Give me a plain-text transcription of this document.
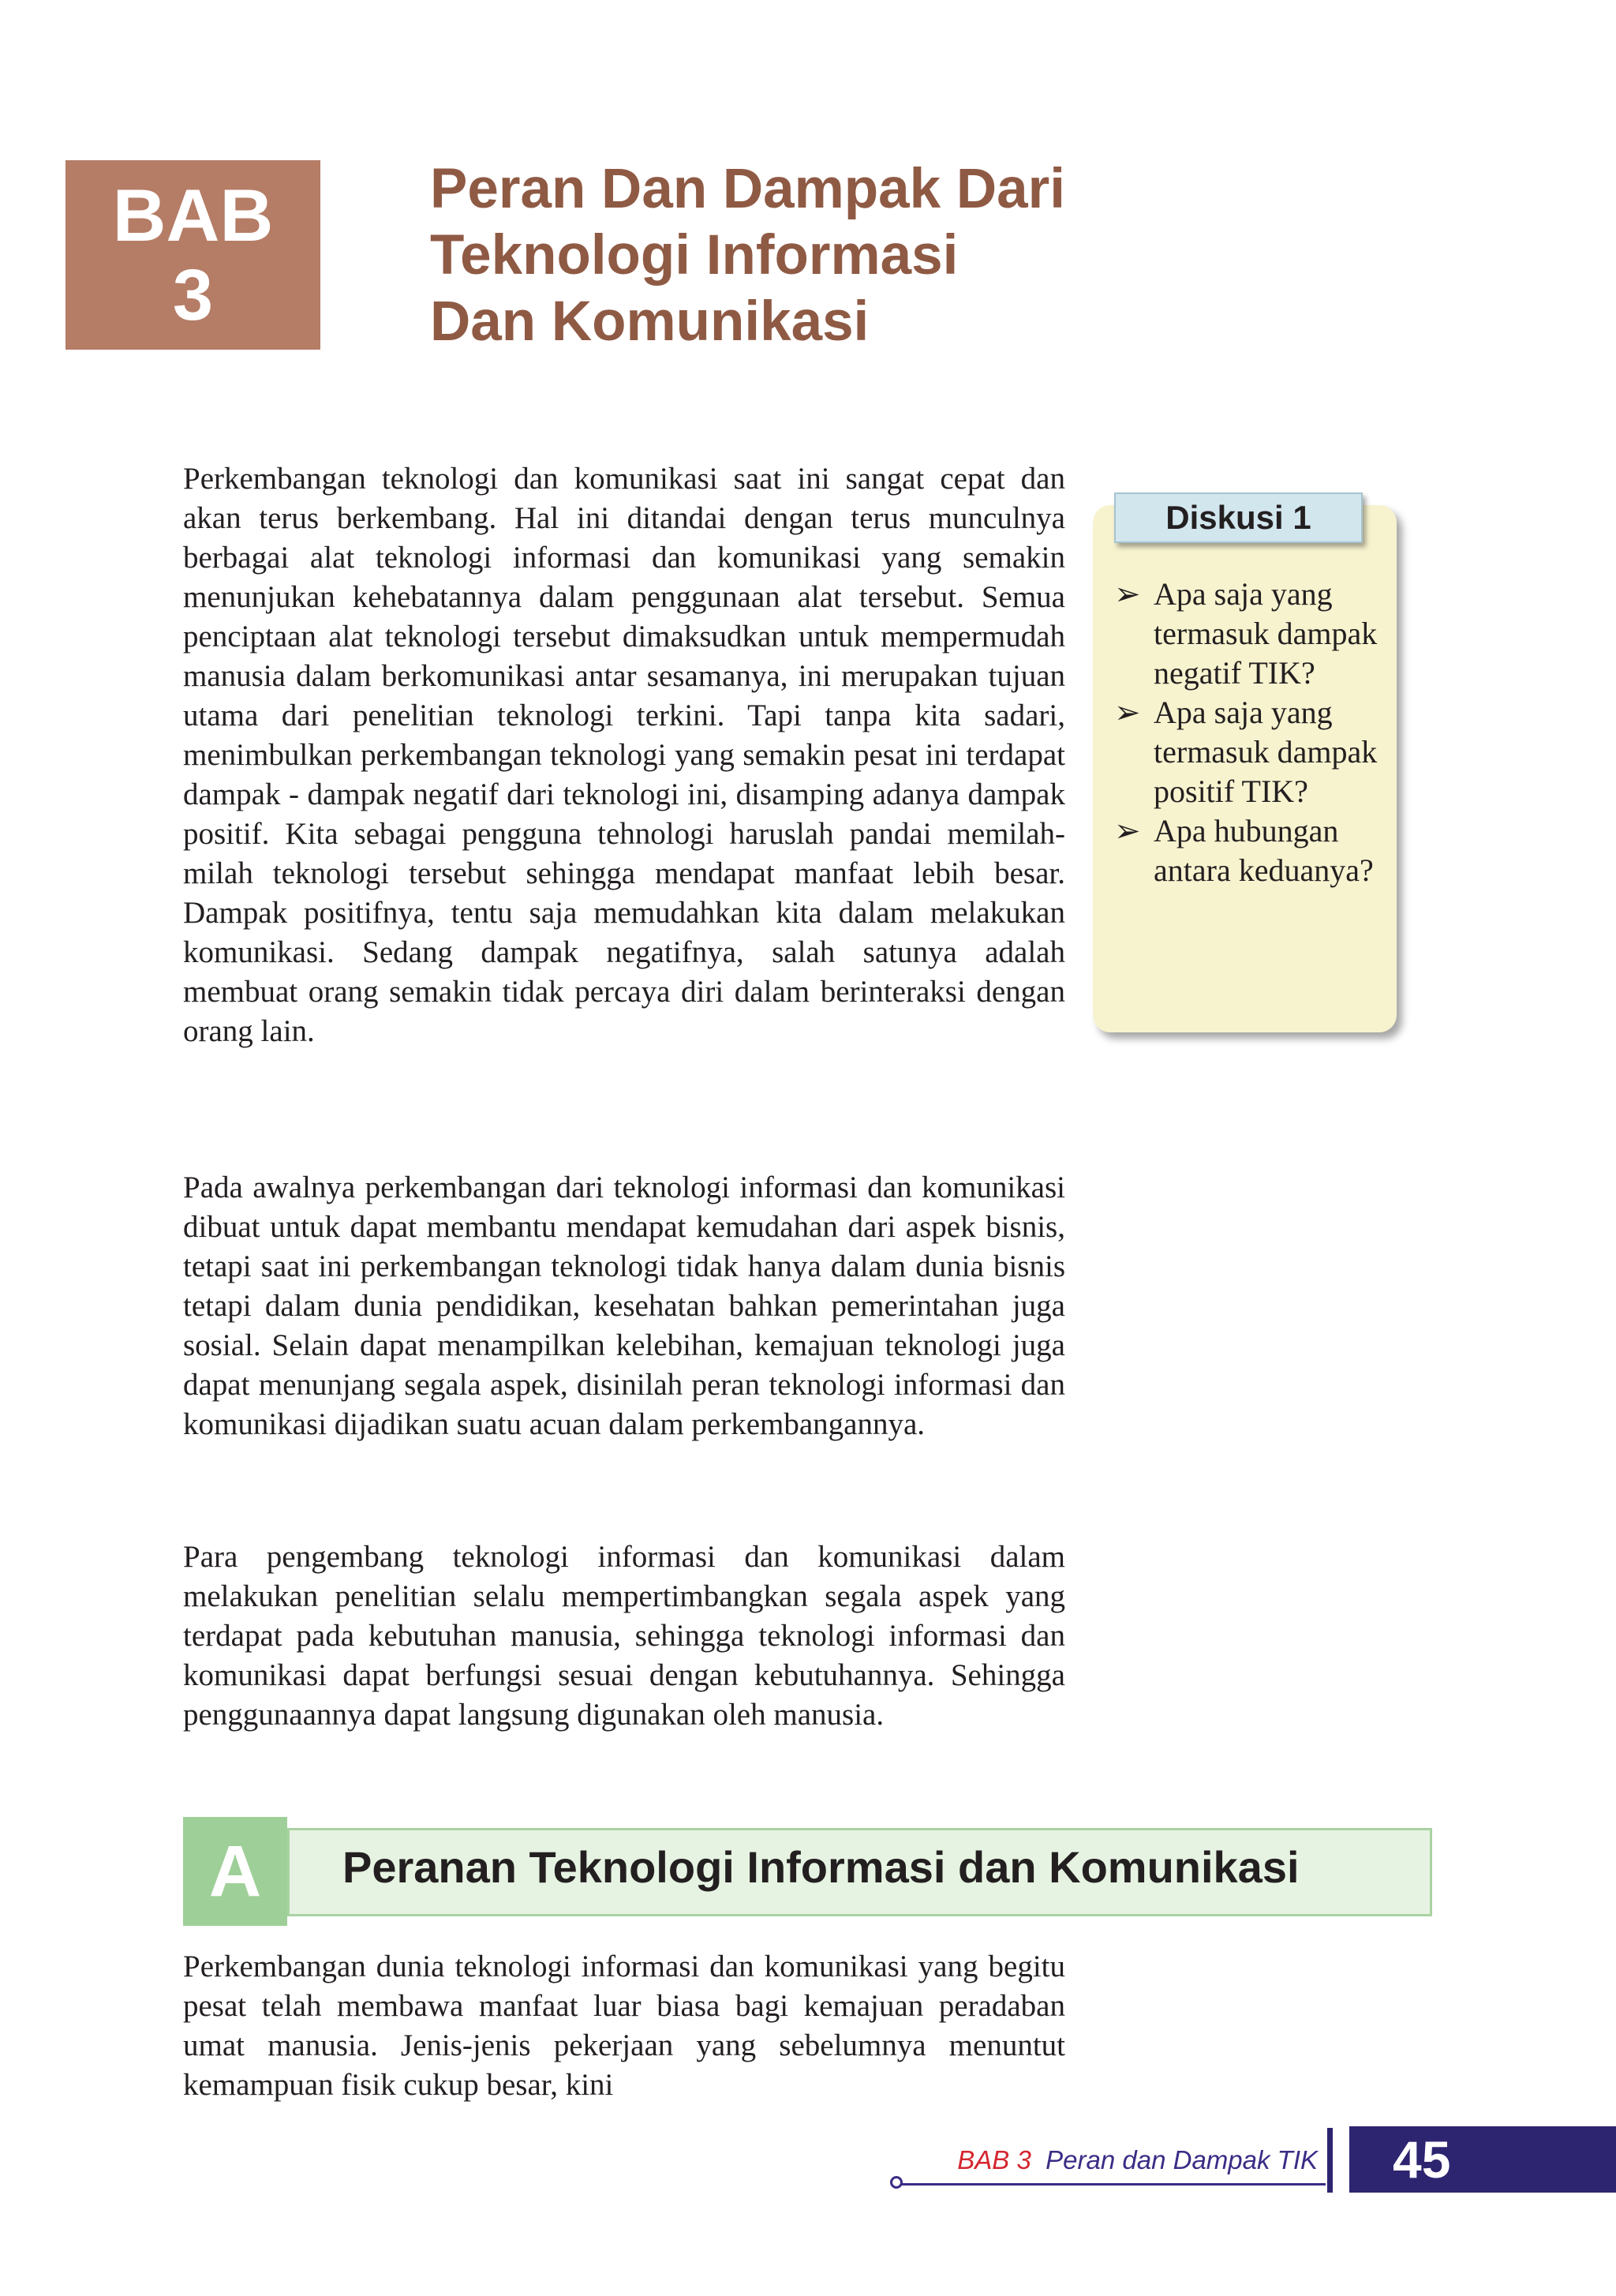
BAB
3
Peran Dan Dampak Dari
Teknologi Informasi
Dan Komunikasi

Perkembangan teknologi dan komunikasi saat ini sangat cepat dan akan terus berkembang. Hal ini ditandai dengan terus munculnya berbagai alat teknologi informasi dan komunikasi yang semakin menunjukan kehebatannya dalam penggunaan alat tersebut. Semua penciptaan alat teknologi tersebut dimaksudkan untuk mempermudah manusia dalam berkomunikasi antar sesamanya, ini merupakan tujuan utama dari penelitian teknologi terkini. Tapi tanpa kita sadari, menimbulkan perkembangan teknologi yang semakin pesat ini terdapat dampak - dampak negatif dari teknologi ini, disamping adanya dampak positif. Kita sebagai pengguna tehnologi haruslah pandai memilah-milah teknologi tersebut sehingga mendapat manfaat lebih besar. Dampak positifnya, tentu saja memudahkan kita dalam melakukan komunikasi. Sedang dampak negatifnya, salah satunya adalah membuat orang semakin tidak percaya diri dalam berinteraksi dengan orang lain.

Pada awalnya perkembangan dari teknologi informasi dan komunikasi dibuat untuk dapat membantu mendapat kemudahan dari aspek bisnis, tetapi saat ini perkembangan teknologi tidak hanya dalam dunia bisnis tetapi dalam dunia pendidikan, kesehatan bahkan pemerintahan juga sosial. Selain dapat menampilkan kelebihan, kemajuan teknologi juga dapat menunjang segala aspek, disinilah peran teknologi informasi dan komunikasi dijadikan suatu acuan dalam perkembangannya.

Para pengembang teknologi informasi dan komunikasi dalam melakukan penelitian selalu mempertimbangkan segala aspek yang terdapat pada kebutuhan manusia, sehingga teknologi informasi dan komunikasi dapat berfungsi sesuai dengan kebutuhannya. Sehingga penggunaannya dapat langsung digunakan oleh manusia.

Diskusi 1
➢ Apa saja yang termasuk dampak negatif TIK?
➢ Apa saja yang termasuk dampak positif TIK?
➢ Apa hubungan antara keduanya?
A	Peranan Teknologi Informasi dan Komunikasi

Perkembangan dunia teknologi informasi dan komunikasi yang begitu pesat telah membawa manfaat luar biasa bagi kemajuan peradaban umat manusia. Jenis-jenis pekerjaan yang sebelumnya menuntut kemampuan fisik cukup besar, kini

BAB 3 Peran dan Dampak TIK	45
